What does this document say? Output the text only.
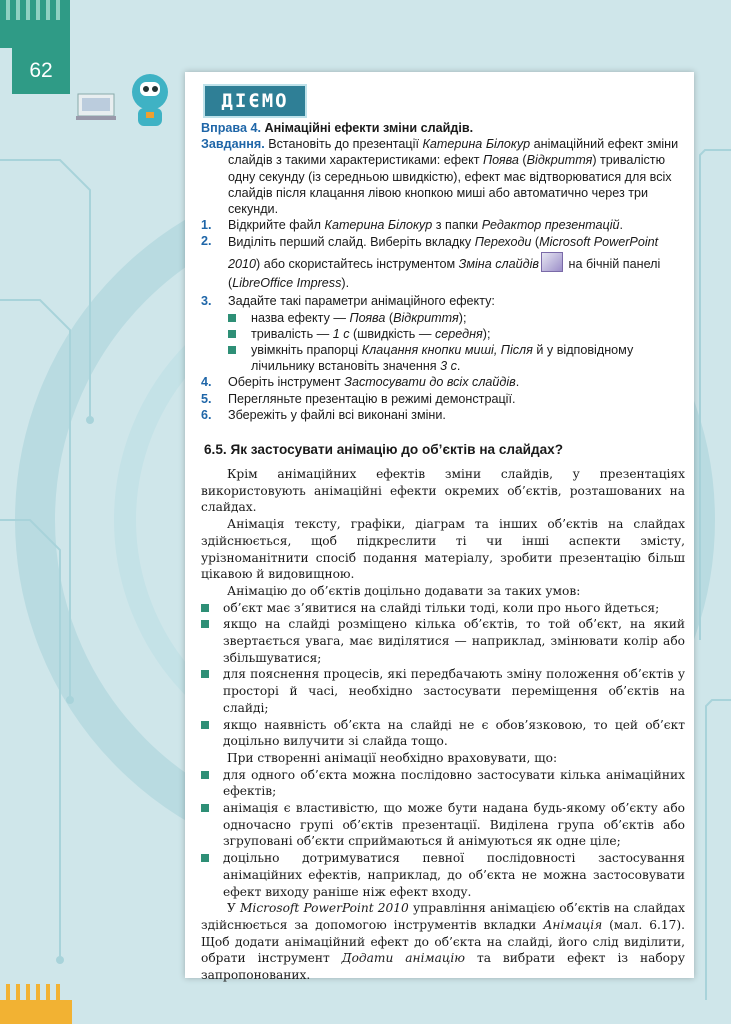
62
ДІЄМО
Вправа 4. Анімаційні ефекти зміни слайдів.
Завдання. Встановіть до презентації Катерина Білокур анімаційний ефект зміни слайдів з такими характеристиками: ефект Поява (Відкриття) тривалістю одну секунду (із середньою швидкістю), ефект має відтворюватися для всіх слайдів після клацання лівою кнопкою миші або автоматично через три секунди.
1. Відкрийте файл Катерина Білокур з папки Редактор презентацій.
2. Виділіть перший слайд. Виберіть вкладку Переходи (Microsoft PowerPoint 2010) або скористайтесь інструментом Зміна слайдів на бічній панелі (LibreOffice Impress).
3. Задайте такі параметри анімаційного ефекту:
назва ефекту — Поява (Відкриття);
тривалість — 1 с (швидкість — середня);
увімкніть прапорці Клацання кнопки миші, Після й у відповідному лічильнику встановіть значення 3 с.
4. Оберіть інструмент Застосувати до всіх слайдів.
5. Перегляньте презентацію в режимі демонстрації.
6. Збережіть у файлі всі виконані зміни.
6.5. Як застосувати анімацію до об’єктів на слайдах?

Крім анімаційних ефектів зміни слайдів, у презентаціях використовують анімаційні ефекти окремих об’єктів, розташованих на слайдах.

Анімація тексту, графіки, діаграм та інших об’єктів на слайдах здійснюється, щоб підкреслити ті чи інші аспекти змісту, урізноманітнити спосіб подання матеріалу, зробити презентацію більш цікавою й видовищною.

Анімацію до об’єктів доцільно додавати за таких умов:

об’єкт має з’явитися на слайді тільки тоді, коли про нього йдеться;

якщо на слайді розміщено кілька об’єктів, то той об’єкт, на який звертається увага, має виділятися — наприклад, змінювати колір або збільшуватися;

для пояснення процесів, які передбачають зміну положення об’єктів у просторі й часі, необхідно застосувати переміщення об’єктів на слайді;

якщо наявність об’єкта на слайді не є обов’язковою, то цей об’єкт доцільно вилучити зі слайда тощо.

При створенні анімації необхідно враховувати, що:

для одного об’єкта можна послідовно застосувати кілька анімаційних ефектів;

анімація є властивістю, що може бути надана будь-якому об’єкту або одночасно групі об’єктів презентації. Виділена група об’єктів або згруповані об’єкти сприймаються й анімуються як одне ціле;

доцільно дотримуватися певної послідовності застосування анімаційних ефектів, наприклад, до об’єкта не можна застосовувати ефект виходу раніше ніж ефект входу.

У Microsoft PowerPoint 2010 управління анімацією об’єктів на слайдах здійснюється за допомогою інструментів вкладки Анімація (мал. 6.17). Щоб додати анімаційний ефект до об’єкта на слайді, його слід виділити, обрати інструмент Додати анімацію та вибрати ефект із набору запропонованих.
